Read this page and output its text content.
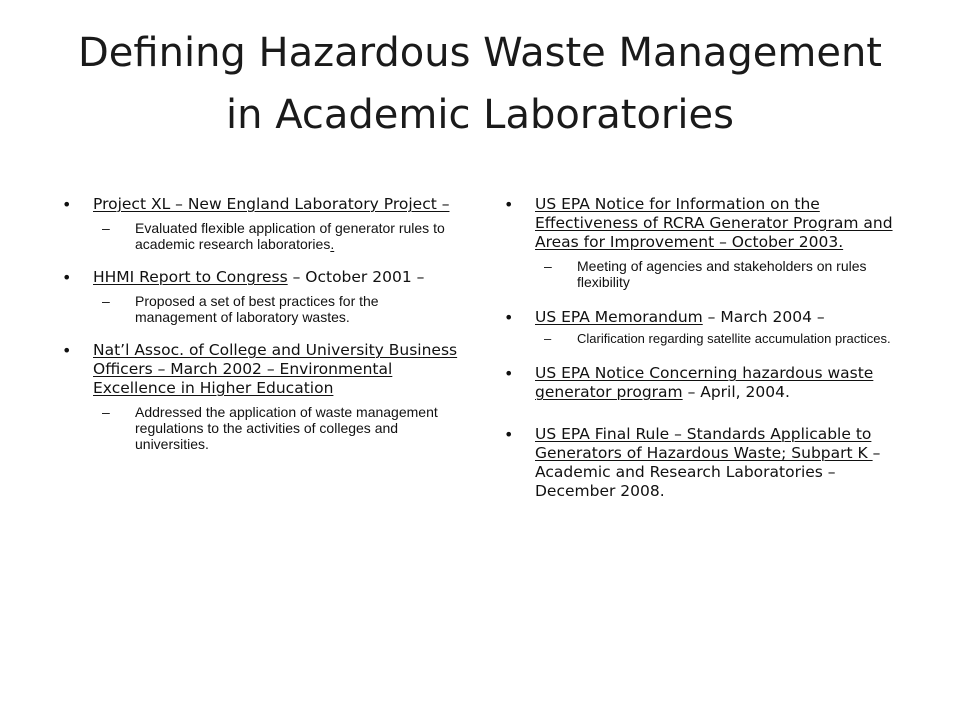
Defining Hazardous Waste Management
in Academic Laboratories
• Project XL – New England Laboratory Project –
– Evaluated flexible application of generator rules to academic research laboratories.
• HHMI Report to Congress – October 2001 –
– Proposed a set of best practices for the management of laboratory wastes.
• Nat’l Assoc. of College and University Business Officers – March 2002 – Environmental Excellence in Higher Education
– Addressed the application of waste management regulations to the activities of colleges and universities.
• US EPA Notice for Information on the Effectiveness of RCRA Generator Program and Areas for Improvement – October 2003.
– Meeting of agencies and stakeholders on rules flexibility
• US EPA Memorandum – March 2004 –
– Clarification regarding satellite accumulation practices.
• US EPA Notice Concerning hazardous waste generator program – April, 2004.
• US EPA Final Rule – Standards Applicable to Generators of Hazardous Waste; Subpart K – Academic and Research Laboratories – December 2008.
